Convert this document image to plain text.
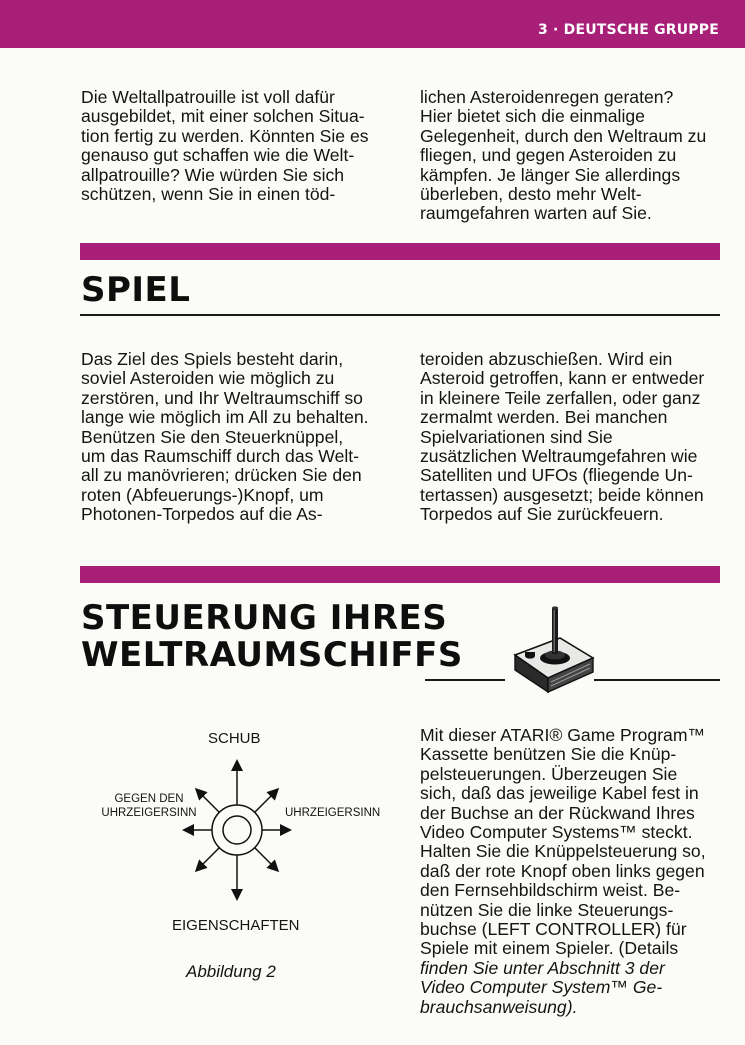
3 · DEUTSCHE GRUPPE
Die Weltallpatrouille ist voll dafür
ausgebildet, mit einer solchen Situa-
tion fertig zu werden. Könnten Sie es
genauso gut schaffen wie die Welt-
allpatrouille? Wie würden Sie sich
schützen, wenn Sie in einen töd-
lichen Asteroidenregen geraten?
Hier bietet sich die einmalige
Gelegenheit, durch den Weltraum zu
fliegen, und gegen Asteroiden zu
kämpfen. Je länger Sie allerdings
überleben, desto mehr Welt-
raumgefahren warten auf Sie.
SPIEL
Das Ziel des Spiels besteht darin,
soviel Asteroiden wie möglich zu
zerstören, und Ihr Weltraumschiff so
lange wie möglich im All zu behalten.
Benützen Sie den Steuerknüppel,
um das Raumschiff durch das Welt-
all zu manövrieren; drücken Sie den
roten (Abfeuerungs-)Knopf, um
Photonen-Torpedos auf die As-
teroiden abzuschießen. Wird ein
Asteroid getroffen, kann er entweder
in kleinere Teile zerfallen, oder ganz
zermalmt werden. Bei manchen
Spielvariationen sind Sie
zusätzlichen Weltraumgefahren wie
Satelliten und UFOs (fliegende Un-
tertassen) ausgesetzt; beide können
Torpedos auf Sie zurückfeuern.
STEUERUNG IHRES
WELTRAUMSCHIFFS
SCHUB
GEGEN DEN
UHRZEIGERSINN	UHRZEIGERSINN
EIGENSCHAFTEN
Abbildung 2
Mit dieser ATARI® Game Program™
Kassette benützen Sie die Knüp-
pelsteuerungen. Überzeugen Sie
sich, daß das jeweilige Kabel fest in
der Buchse an der Rückwand Ihres
Video Computer Systems™ steckt.
Halten Sie die Knüppelsteuerung so,
daß der rote Knopf oben links gegen
den Fernsehbildschirm weist. Be-
nützen Sie die linke Steuerungs-
buchse (LEFT CONTROLLER) für
Spiele mit einem Spieler. (Details
finden Sie unter Abschnitt 3 der
Video Computer System™ Ge-
brauchsanweisung).
